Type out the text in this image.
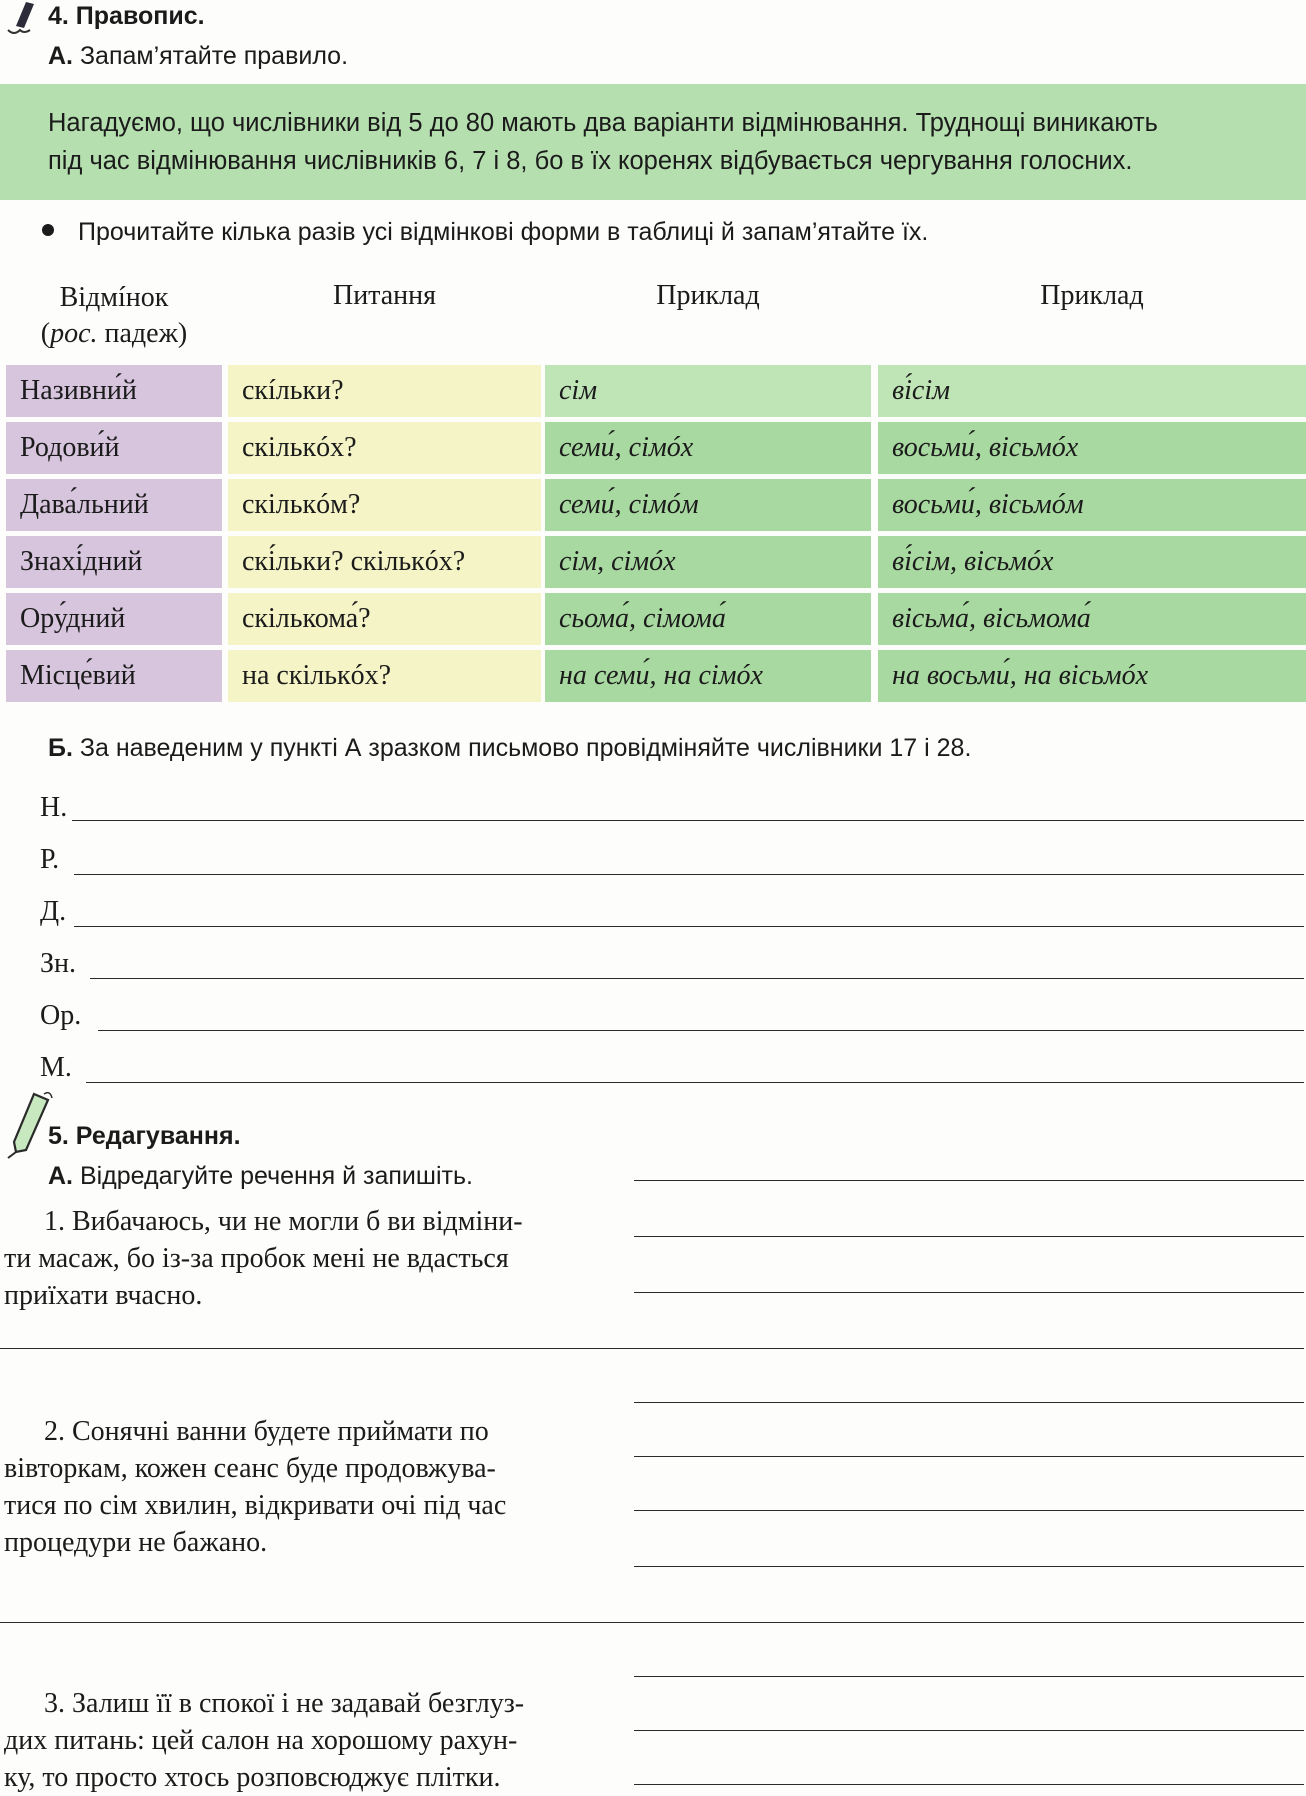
4. Правопис.
А. Запам’ятайте правило.
Нагадуємо, що числівники від 5 до 80 мають два варіанти відмінювання. Труднощі виникають
під час відмінювання числівників 6, 7 і 8, бо в їх коренях відбувається чергування голосних.
Прочитайте кілька разів усі відмінкові форми в таблиці й запам’ятайте їх.
Відмíнок
(рос. падеж)
Питання	Приклад	Приклад
Називни́й	скíльки?	сім	ві́сім
Родови́й	скількóх?	семи́, сімóх	восьми́, вісьмóх
Дава́льний	скількóм?	семи́, сімóм	восьми́, вісьмóм
Знахі́дний	скі́льки? скількóх?	сім, сімóх	ві́сім, вісьмóх
Ору́дний	скількома́?	сьома́, сімома́	вісьма́, вісьмома́
Місце́вий	на скількóх?	на семи́, на сімóх	на восьми́, на вісьмóх
Б. За наведеним у пункті А зразком письмово провідміняйте числівники 17 і 28.
Н.
Р.
Д.
Зн.
Ор.
М.
5. Редагування.
А. Відредагуйте речення й запишіть.
1. Вибачаюсь, чи не могли б ви відміни-
ти масаж, бо із-за пробок мені не вдасться
приїхати вчасно.
2. Сонячні ванни будете приймати по
вівторкам, кожен сеанс буде продовжува-
тися по сім хвилин, відкривати очі під час
процедури не бажано.
3. Залиш її в спокої і не задавай безглуз-
дих питань: цей салон на хорошому рахун-
ку, то просто хтось розповсюджує плітки.
